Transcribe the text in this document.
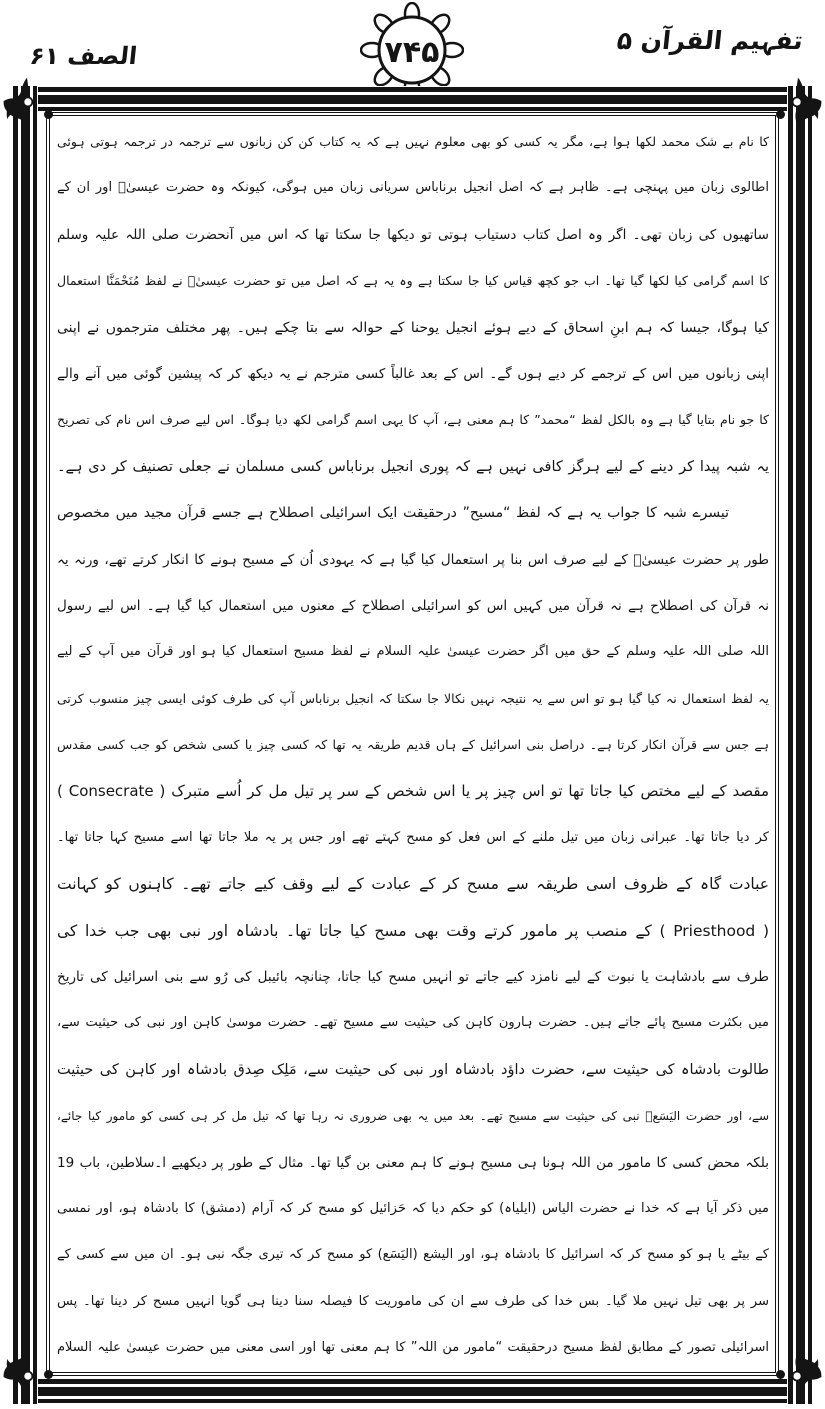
تفہیم القرآن ۵
الصف ۶۱	۷۴۵
کا نام بے شک محمد لکھا ہوا ہے، مگر یہ کسی کو بھی معلوم نہیں ہے کہ یہ کتاب کن کن زبانوں سے ترجمہ در ترجمہ ہوتی ہوئی
اطالوی زبان میں پہنچی ہے۔ ظاہر ہے کہ اصل انجیل برناباس سریانی زبان میں ہوگی، کیونکہ وہ حضرت عیسیٰؑ اور ان کے
ساتھیوں کی زبان تھی۔ اگر وہ اصل کتاب دستیاب ہوتی تو دیکھا جا سکتا تھا کہ اس میں آنحضرت صلی اللہ علیہ وسلم
کا اسم گرامی کیا لکھا گیا تھا۔ اب جو کچھ قیاس کیا جا سکتا ہے وہ یہ ہے کہ اصل میں تو حضرت عیسیٰؑ نے لفظ مُنَحْمَنَّا استعمال
کیا ہوگا، جیسا کہ ہم ابنِ اسحاق کے دیے ہوئے انجیل یوحنا کے حوالہ سے بتا چکے ہیں۔ پھر مختلف مترجموں نے اپنی
اپنی زبانوں میں اس کے ترجمے کر دیے ہوں گے۔ اس کے بعد غالباً کسی مترجم نے یہ دیکھ کر کہ پیشین گوئی میں آنے والے
کا جو نام بتایا گیا ہے وہ بالکل لفظ “محمد” کا ہم معنی ہے، آپ کا یہی اسم گرامی لکھ دیا ہوگا۔ اس لیے صرف اس نام کی تصریح
یہ شبہ پیدا کر دینے کے لیے ہرگز کافی نہیں ہے کہ پوری انجیل برناباس کسی مسلمان نے جعلی تصنیف کر دی ہے۔
تیسرے شبہ کا جواب یہ ہے کہ لفظ “مسیح” درحقیقت ایک اسرائیلی اصطلاح ہے جسے قرآن مجید میں مخصوص
طور پر حضرت عیسیٰؑ کے لیے صرف اس بنا پر استعمال کیا گیا ہے کہ یہودی اُن کے مسیح ہونے کا انکار کرتے تھے، ورنہ یہ
نہ قرآن کی اصطلاح ہے نہ قرآن میں کہیں اس کو اسرائیلی اصطلاح کے معنوں میں استعمال کیا گیا ہے۔ اس لیے رسول
اللہ صلی اللہ علیہ وسلم کے حق میں اگر حضرت عیسیٰ علیہ السلام نے لفظ مسیح استعمال کیا ہو اور قرآن میں آپ کے لیے
یہ لفظ استعمال نہ کیا گیا ہو تو اس سے یہ نتیجہ نہیں نکالا جا سکتا کہ انجیل برناباس آپ کی طرف کوئی ایسی چیز منسوب کرتی
ہے جس سے قرآن انکار کرتا ہے۔ دراصل بنی اسرائیل کے ہاں قدیم طریقہ یہ تھا کہ کسی چیز یا کسی شخص کو جب کسی مقدس
مقصد کے لیے مختص کیا جاتا تھا تو اس چیز پر یا اس شخص کے سر پر تیل مل کر اُسے متبرک ( Consecrate )
کر دیا جاتا تھا۔ عبرانی زبان میں تیل ملنے کے اس فعل کو مسح کہتے تھے اور جس پر یہ ملا جاتا تھا اسے مسیح کہا جاتا تھا۔
عبادت گاہ کے ظروف اسی طریقہ سے مسح کر کے عبادت کے لیے وقف کیے جاتے تھے۔ کاہنوں کو کہانت
( Priesthood ) کے منصب پر مامور کرتے وقت بھی مسح کیا جاتا تھا۔ بادشاہ اور نبی بھی جب خدا کی
طرف سے بادشاہت یا نبوت کے لیے نامزد کیے جاتے تو انہیں مسح کیا جاتا، چنانچہ بائیبل کی رُو سے بنی اسرائیل کی تاریخ
میں بکثرت مسیح پائے جاتے ہیں۔ حضرت ہارون کاہن کی حیثیت سے مسیح تھے۔ حضرت موسیٰ کاہن اور نبی کی حیثیت سے،
طالوت بادشاہ کی حیثیت سے، حضرت داؤد بادشاہ اور نبی کی حیثیت سے، مَلِک صِدق بادشاہ اور کاہن کی حیثیت
سے، اور حضرت الیَسَعؑ نبی کی حیثیت سے مسیح تھے۔ بعد میں یہ بھی ضروری نہ رہا تھا کہ تیل مل کر ہی کسی کو مامور کیا جائے،
بلکہ محض کسی کا مامور من اللہ ہونا ہی مسیح ہونے کا ہم معنی بن گیا تھا۔ مثال کے طور پر دیکھیے ا۔سلاطین، باب 19
میں ذکر آیا ہے کہ خدا نے حضرت الیاس (ایلیاہ) کو حکم دیا کہ حَزائیل کو مسح کر کہ آرام (دمشق) کا بادشاہ ہو، اور نمسی
کے بیٹے یا ہو کو مسح کر کہ اسرائیل کا بادشاہ ہو، اور الیشع (الیَسَع) کو مسح کر کہ تیری جگہ نبی ہو۔ ان میں سے کسی کے
سر پر بھی تیل نہیں ملا گیا۔ بس خدا کی طرف سے ان کی ماموریت کا فیصلہ سنا دینا ہی گویا انہیں مسح کر دینا تھا۔ پس
اسرائیلی تصور کے مطابق لفظ مسیح درحقیقت “مامور من اللہ” کا ہم معنی تھا اور اسی معنی میں حضرت عیسیٰ علیہ السلام
